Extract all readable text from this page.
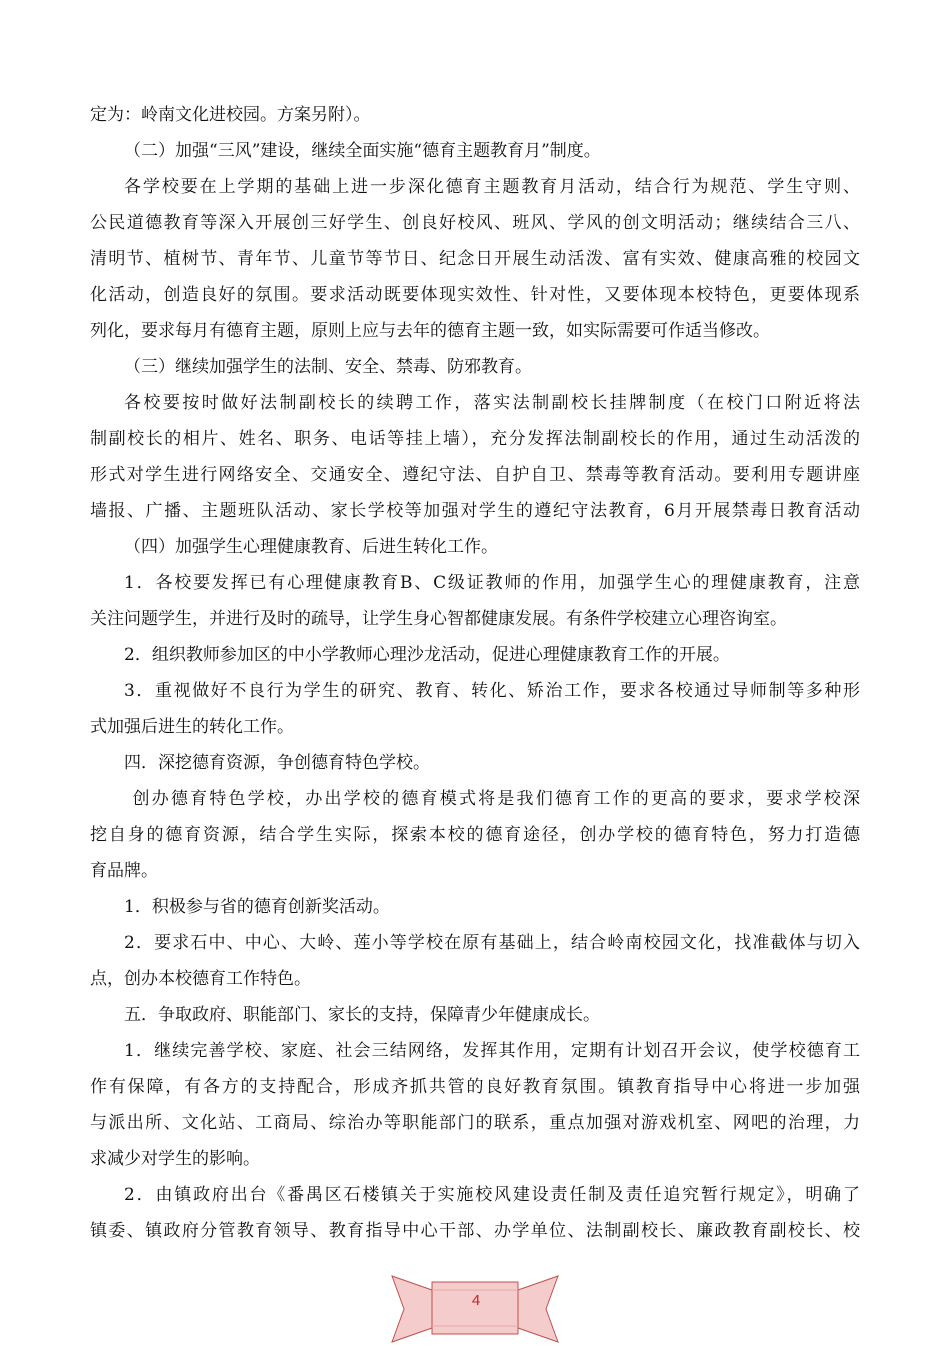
定为：岭南文化进校园。方案另附）。
（二）加强“三风”建设，继续全面实施“德育主题教育月”制度。
各学校要在上学期的基础上进一步深化德育主题教育月活动，结合行为规范、学生守则、
公民道德教育等深入开展创三好学生、创良好校风、班风、学风的创文明活动；继续结合三八、
清明节、植树节、青年节、儿童节等节日、纪念日开展生动活泼、富有实效、健康高雅的校园文
化活动，创造良好的氛围。要求活动既要体现实效性、针对性，又要体现本校特色，更要体现系
列化，要求每月有德育主题，原则上应与去年的德育主题一致，如实际需要可作适当修改。
（三）继续加强学生的法制、安全、禁毒、防邪教育。
各校要按时做好法制副校长的续聘工作，落实法制副校长挂牌制度（在校门口附近将法
制副校长的相片、姓名、职务、电话等挂上墙），充分发挥法制副校长的作用，通过生动活泼的
形式对学生进行网络安全、交通安全、遵纪守法、自护自卫、禁毒等教育活动。要利用专题讲座
墙报、广播、主题班队活动、家长学校等加强对学生的遵纪守法教育，6月开展禁毒日教育活动
（四）加强学生心理健康教育、后进生转化工作。
1．各校要发挥已有心理健康教育B、C级证教师的作用，加强学生心的理健康教育，注意
关注问题学生，并进行及时的疏导，让学生身心智都健康发展。有条件学校建立心理咨询室。
2．组织教师参加区的中小学教师心理沙龙活动，促进心理健康教育工作的开展。
3．重视做好不良行为学生的研究、教育、转化、矫治工作，要求各校通过导师制等多种形
式加强后进生的转化工作。
四．深挖德育资源，争创德育特色学校。
创办德育特色学校，办出学校的德育模式将是我们德育工作的更高的要求，要求学校深
挖自身的德育资源，结合学生实际，探索本校的德育途径，创办学校的德育特色，努力打造德
育品牌。
1．积极参与省的德育创新奖活动。
2．要求石中、中心、大岭、莲小等学校在原有基础上，结合岭南校园文化，找准截体与切入
点，创办本校德育工作特色。
五．争取政府、职能部门、家长的支持，保障青少年健康成长。
1．继续完善学校、家庭、社会三结网络，发挥其作用，定期有计划召开会议，使学校德育工
作有保障，有各方的支持配合，形成齐抓共管的良好教育氛围。镇教育指导中心将进一步加强
与派出所、文化站、工商局、综治办等职能部门的联系，重点加强对游戏机室、网吧的治理，力
求减少对学生的影响。
2．由镇政府出台《番禺区石楼镇关于实施校风建设责任制及责任追究暂行规定》，明确了
镇委、镇政府分管教育领导、教育指导中心干部、办学单位、法制副校长、廉政教育副校长、校
4
